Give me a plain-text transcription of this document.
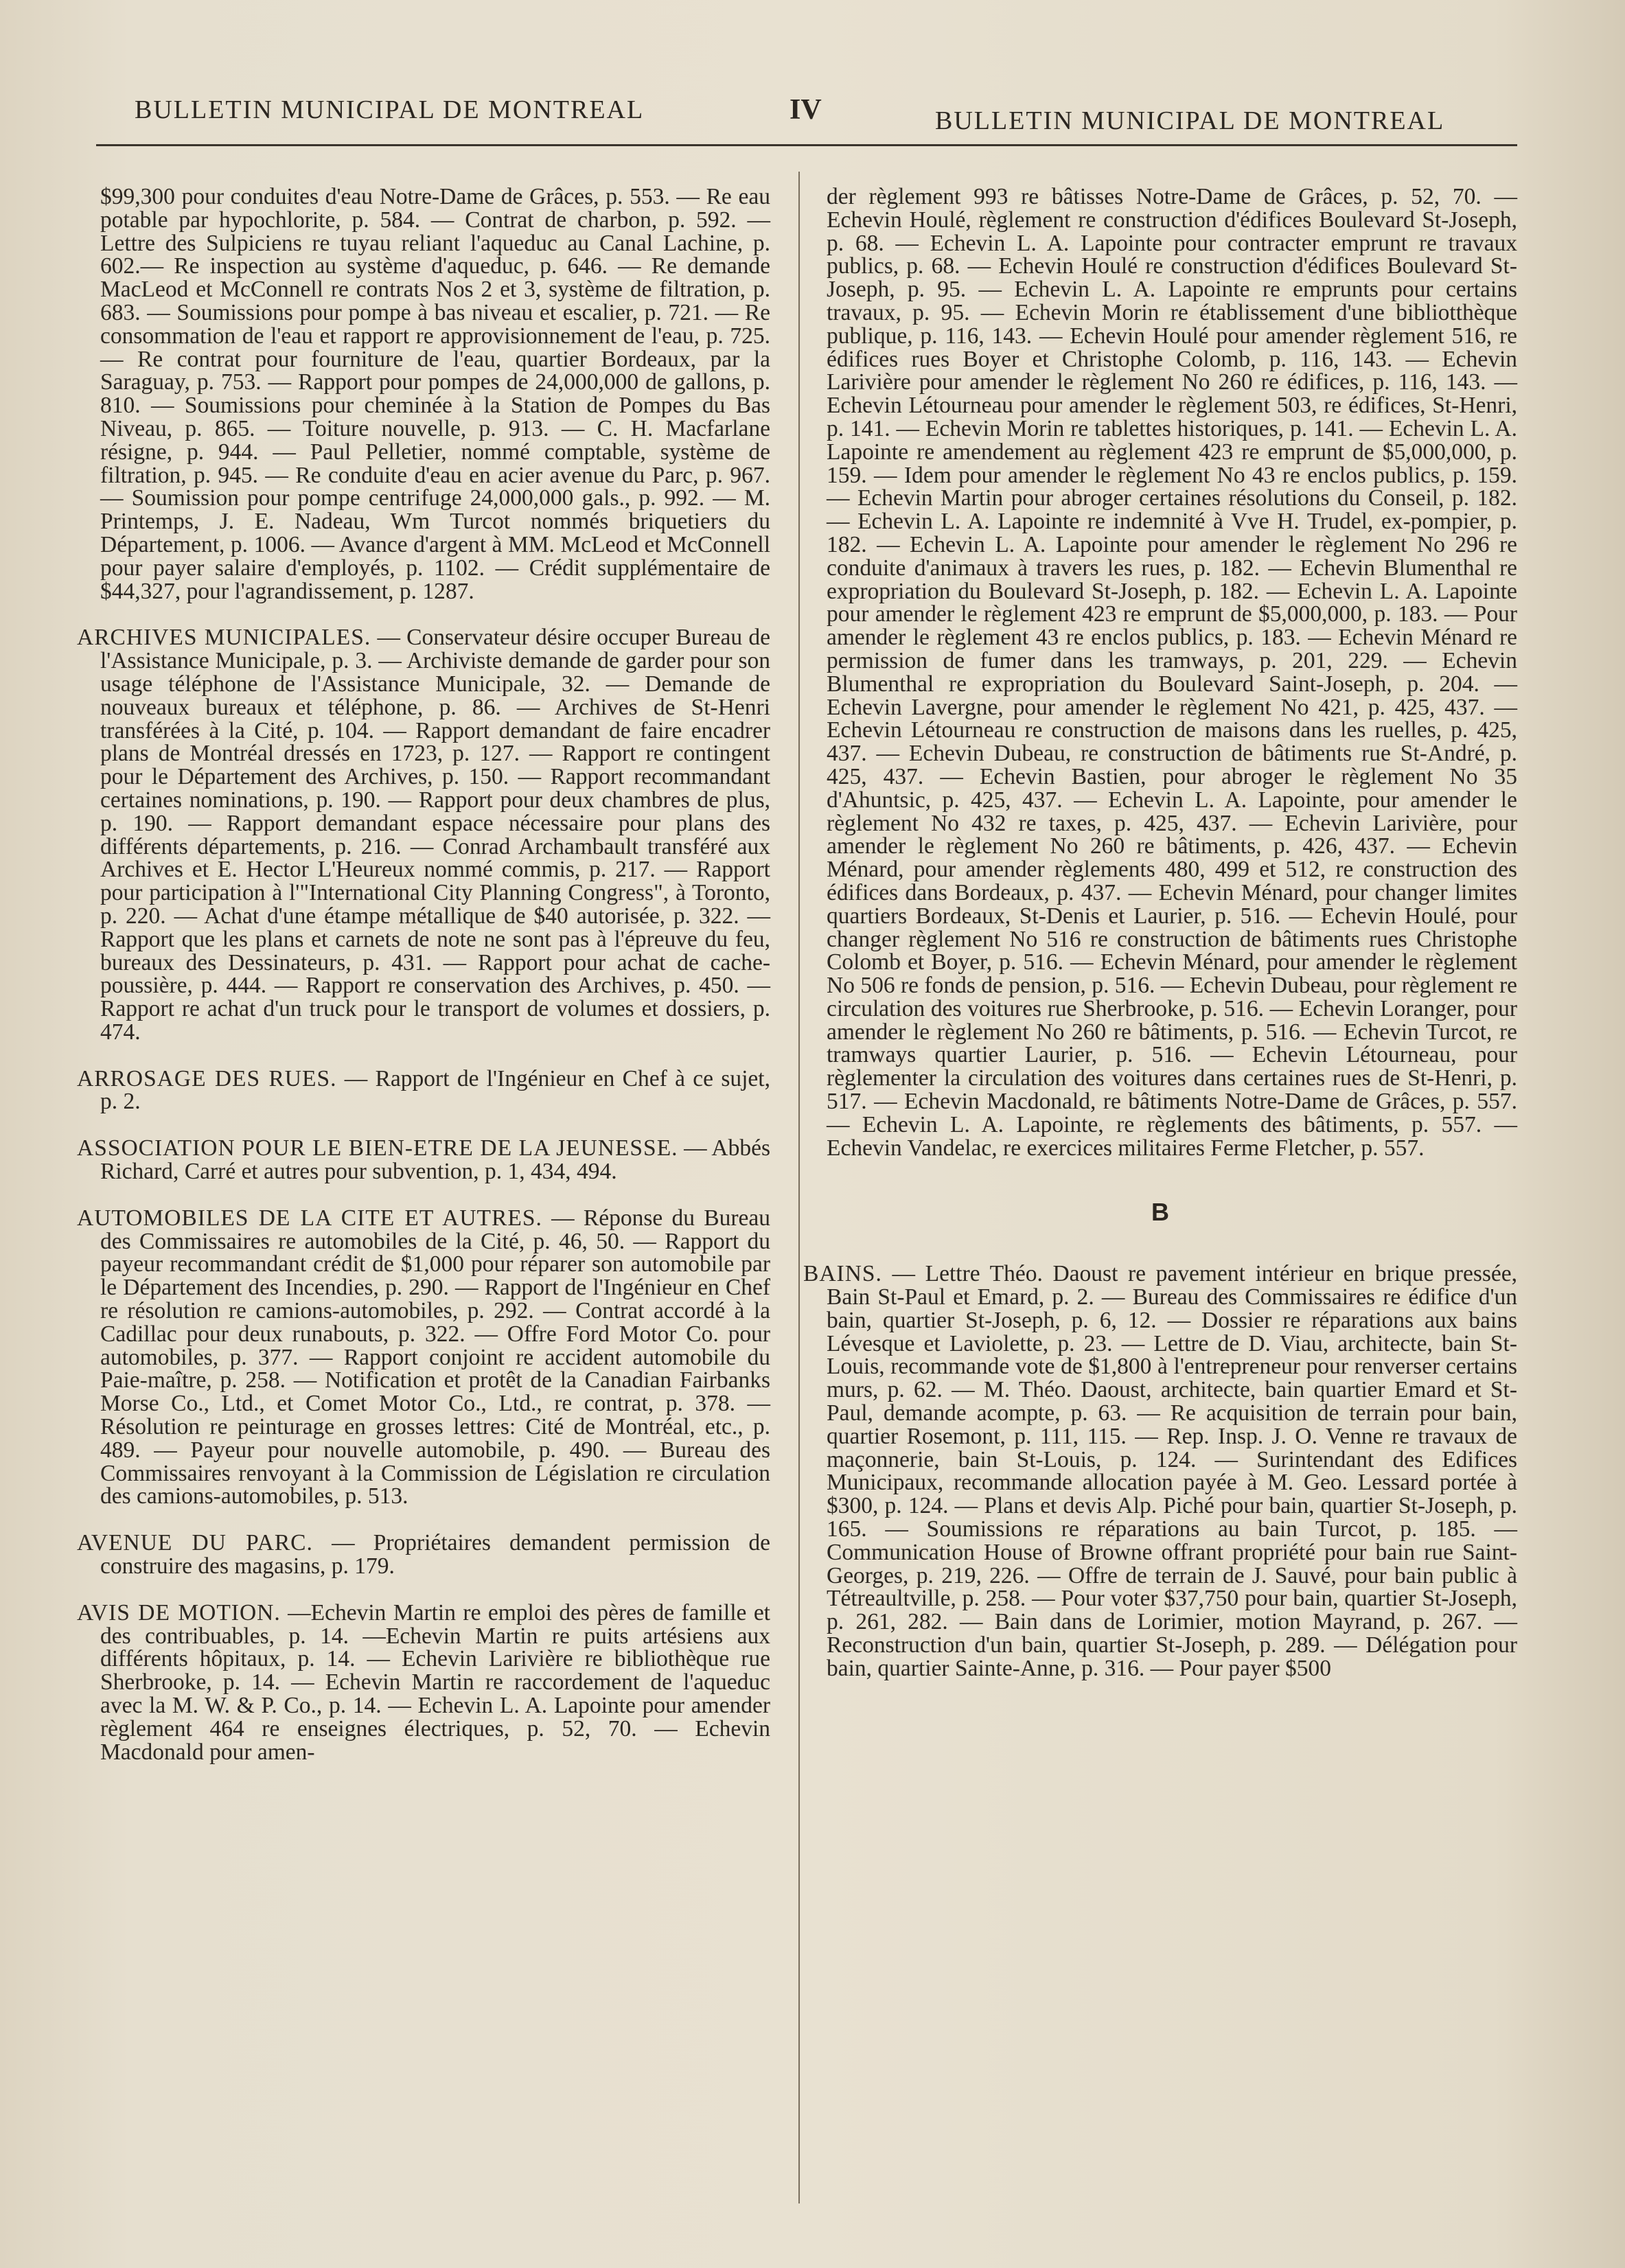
BULLETIN MUNICIPAL DE MONTREAL	IV	BULLETIN MUNICIPAL DE MONTREAL

$99,300 pour conduites d'eau Notre-Dame de Grâces, p. 553. — Re eau potable par hypochlorite, p. 584. — Contrat de charbon, p. 592. — Lettre des Sulpiciens re tuyau reliant l'aqueduc au Canal Lachine, p. 602.— Re inspection au système d'aqueduc, p. 646. — Re demande MacLeod et McConnell re contrats Nos 2 et 3, système de filtration, p. 683. — Soumissions pour pompe à bas niveau et escalier, p. 721. — Re consommation de l'eau et rapport re approvisionnement de l'eau, p. 725. — Re contrat pour fourniture de l'eau, quartier Bordeaux, par la Saraguay, p. 753. — Rapport pour pompes de 24,000,000 de gallons, p. 810. — Soumissions pour cheminée à la Station de Pompes du Bas Niveau, p. 865. — Toiture nouvelle, p. 913. — C. H. Macfarlane résigne, p. 944. — Paul Pelletier, nommé comptable, système de filtration, p. 945. — Re conduite d'eau en acier avenue du Parc, p. 967. — Soumission pour pompe centrifuge 24,000,000 gals., p. 992. — M. Printemps, J. E. Nadeau, Wm Turcot nommés briquetiers du Département, p. 1006. — Avance d'argent à MM. McLeod et McConnell pour payer salaire d'employés, p. 1102. — Crédit supplémentaire de $44,327, pour l'agrandissement, p. 1287.

ARCHIVES MUNICIPALES. — Conservateur désire occuper Bureau de l'Assistance Municipale, p. 3. — Archiviste demande de garder pour son usage téléphone de l'Assistance Municipale, 32. — Demande de nouveaux bureaux et téléphone, p. 86. — Archives de St-Henri transférées à la Cité, p. 104. — Rapport demandant de faire encadrer plans de Montréal dressés en 1723, p. 127. — Rapport re contingent pour le Département des Archives, p. 150. — Rapport recommandant certaines nominations, p. 190. — Rapport pour deux chambres de plus, p. 190. — Rapport demandant espace nécessaire pour plans des différents départements, p. 216. — Conrad Archambault transféré aux Archives et E. Hector L'Heureux nommé commis, p. 217. — Rapport pour participation à l'"International City Planning Congress", à Toronto, p. 220. — Achat d'une étampe métallique de $40 autorisée, p. 322. — Rapport que les plans et carnets de note ne sont pas à l'épreuve du feu, bureaux des Dessinateurs, p. 431. — Rapport pour achat de cache-poussière, p. 444. — Rapport re conservation des Archives, p. 450. — Rapport re achat d'un truck pour le transport de volumes et dossiers, p. 474.

ARROSAGE DES RUES. — Rapport de l'Ingénieur en Chef à ce sujet, p. 2.

ASSOCIATION POUR LE BIEN-ETRE DE LA JEUNESSE. — Abbés Richard, Carré et autres pour subvention, p. 1, 434, 494.

AUTOMOBILES DE LA CITE ET AUTRES. — Réponse du Bureau des Commissaires re automobiles de la Cité, p. 46, 50. — Rapport du payeur recommandant crédit de $1,000 pour réparer son automobile par le Département des Incendies, p. 290. — Rapport de l'Ingénieur en Chef re résolution re camions-automobiles, p. 292. — Contrat accordé à la Cadillac pour deux runabouts, p. 322. — Offre Ford Motor Co. pour automobiles, p. 377. — Rapport conjoint re accident automobile du Paie-maître, p. 258. — Notification et protêt de la Canadian Fairbanks Morse Co., Ltd., et Comet Motor Co., Ltd., re contrat, p. 378. — Résolution re peinturage en grosses lettres: Cité de Montréal, etc., p. 489. — Payeur pour nouvelle automobile, p. 490. — Bureau des Commissaires renvoyant à la Commission de Législation re circulation des camions-automobiles, p. 513.

AVENUE DU PARC. — Propriétaires demandent permission de construire des magasins, p. 179.

AVIS DE MOTION. —Echevin Martin re emploi des pères de famille et des contribuables, p. 14. —Echevin Martin re puits artésiens aux différents hôpitaux, p. 14. — Echevin Larivière re bibliothèque rue Sherbrooke, p. 14. — Echevin Martin re raccordement de l'aqueduc avec la M. W. & P. Co., p. 14. — Echevin L. A. Lapointe pour amender règlement 464 re enseignes électriques, p. 52, 70. — Echevin Macdonald pour amen-

der règlement 993 re bâtisses Notre-Dame de Grâces, p. 52, 70. — Echevin Houlé, règlement re construction d'édifices Boulevard St-Joseph, p. 68. — Echevin L. A. Lapointe pour contracter emprunt re travaux publics, p. 68. — Echevin Houlé re construction d'édifices Boulevard St-Joseph, p. 95. — Echevin L. A. Lapointe re emprunts pour certains travaux, p. 95. — Echevin Morin re établissement d'une bibliotthèque publique, p. 116, 143. — Echevin Houlé pour amender règlement 516, re édifices rues Boyer et Christophe Colomb, p. 116, 143. — Echevin Larivière pour amender le règlement No 260 re édifices, p. 116, 143. — Echevin Létourneau pour amender le règlement 503, re édifices, St-Henri, p. 141. — Echevin Morin re tablettes historiques, p. 141. — Echevin L. A. Lapointe re amendement au règlement 423 re emprunt de $5,000,000, p. 159. — Idem pour amender le règlement No 43 re enclos publics, p. 159. — Echevin Martin pour abroger certaines résolutions du Conseil, p. 182. — Echevin L. A. Lapointe re indemnité à Vve H. Trudel, ex-pompier, p. 182. — Echevin L. A. Lapointe pour amender le règlement No 296 re conduite d'animaux à travers les rues, p. 182. — Echevin Blumenthal re expropriation du Boulevard St-Joseph, p. 182. — Echevin L. A. Lapointe pour amender le règlement 423 re emprunt de $5,000,000, p. 183. — Pour amender le règlement 43 re enclos publics, p. 183. — Echevin Ménard re permission de fumer dans les tramways, p. 201, 229. — Echevin Blumenthal re expropriation du Boulevard Saint-Joseph, p. 204. — Echevin Lavergne, pour amender le règlement No 421, p. 425, 437. — Echevin Létourneau re construction de maisons dans les ruelles, p. 425, 437. — Echevin Dubeau, re construction de bâtiments rue St-André, p. 425, 437. — Echevin Bastien, pour abroger le règlement No 35 d'Ahuntsic, p. 425, 437. — Echevin L. A. Lapointe, pour amender le règlement No 432 re taxes, p. 425, 437. — Echevin Larivière, pour amender le règlement No 260 re bâtiments, p. 426, 437. — Echevin Ménard, pour amender règlements 480, 499 et 512, re construction des édifices dans Bordeaux, p. 437. — Echevin Ménard, pour changer limites quartiers Bordeaux, St-Denis et Laurier, p. 516. — Echevin Houlé, pour changer règlement No 516 re construction de bâtiments rues Christophe Colomb et Boyer, p. 516. — Echevin Ménard, pour amender le règlement No 506 re fonds de pension, p. 516. — Echevin Dubeau, pour règlement re circulation des voitures rue Sherbrooke, p. 516. — Echevin Loranger, pour amender le règlement No 260 re bâtiments, p. 516. — Echevin Turcot, re tramways quartier Laurier, p. 516. — Echevin Létourneau, pour règlementer la circulation des voitures dans certaines rues de St-Henri, p. 517. — Echevin Macdonald, re bâtiments Notre-Dame de Grâces, p. 557. — Echevin L. A. Lapointe, re règlements des bâtiments, p. 557. — Echevin Vandelac, re exercices militaires Ferme Fletcher, p. 557.

B

BAINS. — Lettre Théo. Daoust re pavement intérieur en brique pressée, Bain St-Paul et Emard, p. 2. — Bureau des Commissaires re édifice d'un bain, quartier St-Joseph, p. 6, 12. — Dossier re réparations aux bains Lévesque et Laviolette, p. 23. — Lettre de D. Viau, architecte, bain St-Louis, recommande vote de $1,800 à l'entrepreneur pour renverser certains murs, p. 62. — M. Théo. Daoust, architecte, bain quartier Emard et St-Paul, demande acompte, p. 63. — Re acquisition de terrain pour bain, quartier Rosemont, p. 111, 115. — Rep. Insp. J. O. Venne re travaux de maçonnerie, bain St-Louis, p. 124. — Surintendant des Edifices Municipaux, recommande allocation payée à M. Geo. Lessard portée à $300, p. 124. — Plans et devis Alp. Piché pour bain, quartier St-Joseph, p. 165. — Soumissions re réparations au bain Turcot, p. 185. — Communication House of Browne offrant propriété pour bain rue Saint-Georges, p. 219, 226. — Offre de terrain de J. Sauvé, pour bain public à Tétreaultville, p. 258. — Pour voter $37,750 pour bain, quartier St-Joseph, p. 261, 282. — Bain dans de Lorimier, motion Mayrand, p. 267. — Reconstruction d'un bain, quartier St-Joseph, p. 289. — Délégation pour bain, quartier Sainte-Anne, p. 316. — Pour payer $500
